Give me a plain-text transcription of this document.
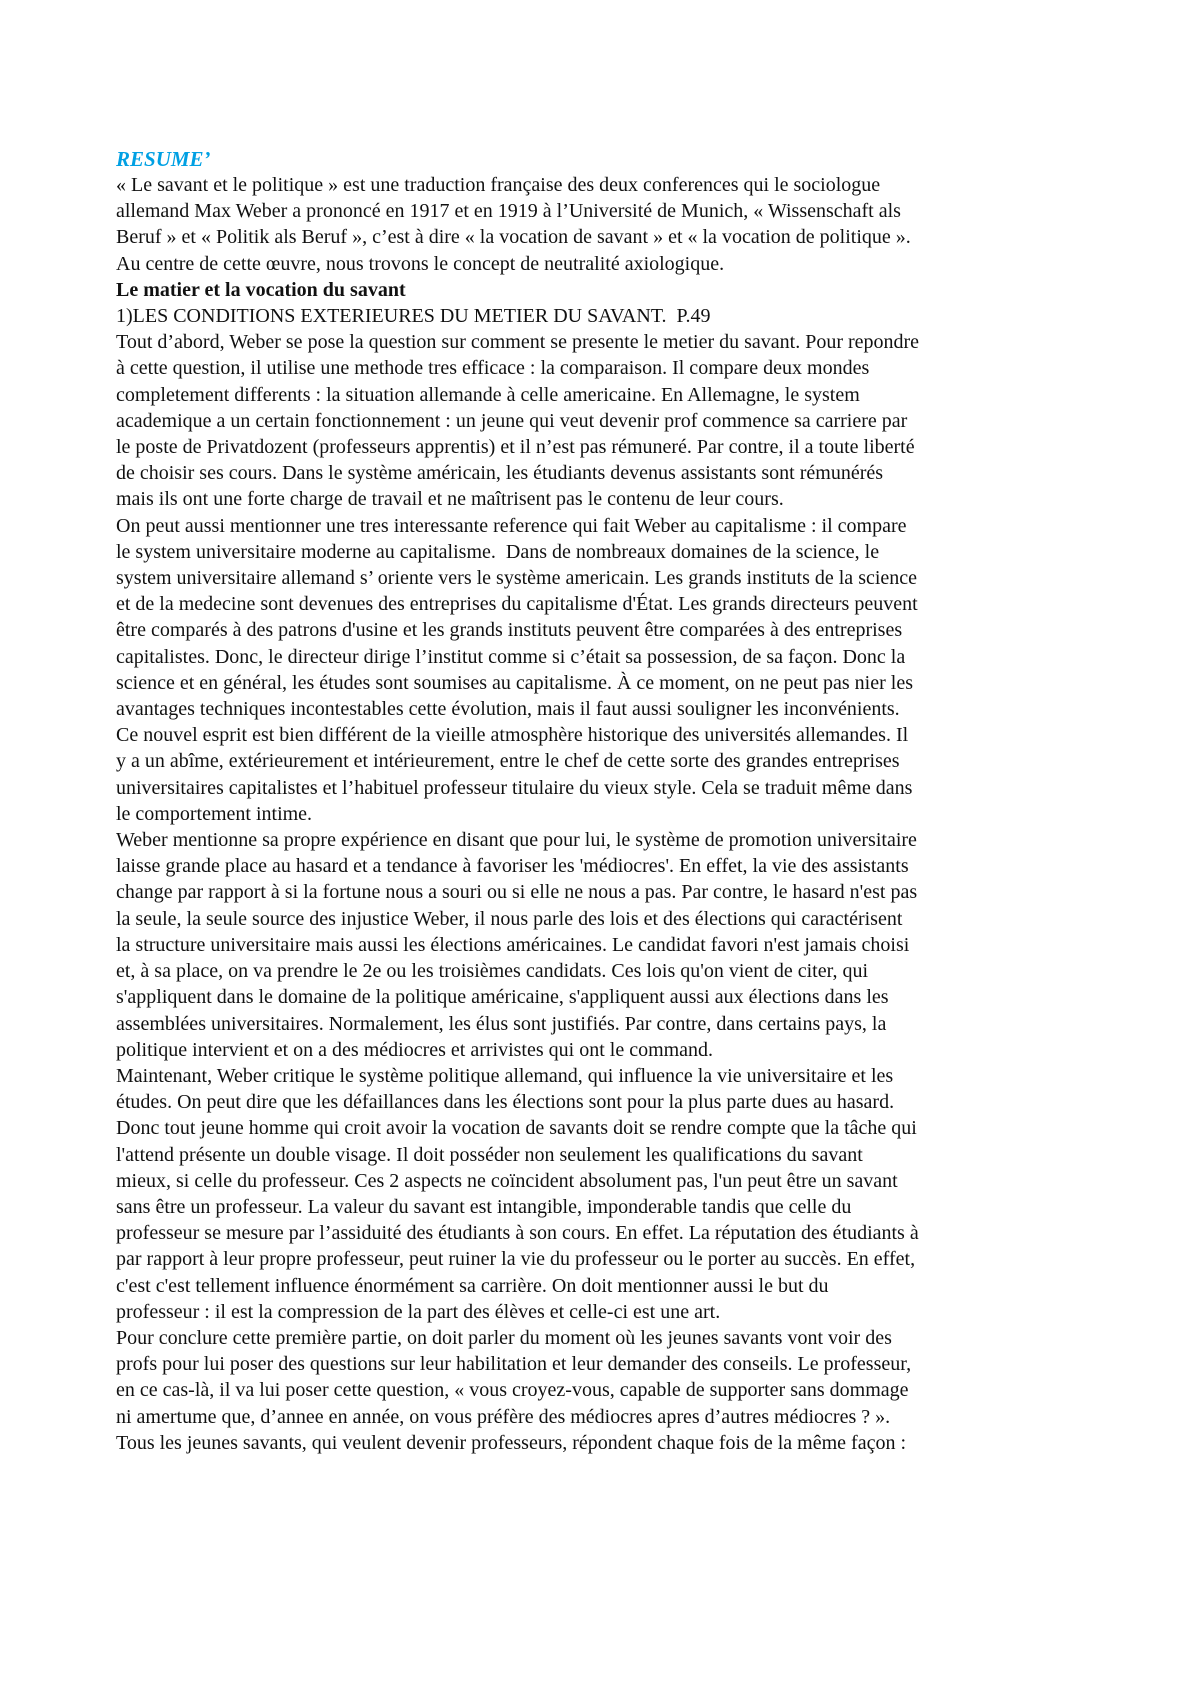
RESUME’
« Le savant et le politique » est une traduction française des deux conferences qui le sociologue
allemand Max Weber a prononcé en 1917 et en 1919 à l’Université de Munich, « Wissenschaft als
Beruf » et « Politik als Beruf », c’est à dire « la vocation de savant » et « la vocation de politique ».
Au centre de cette œuvre, nous trovons le concept de neutralité axiologique.
Le matier et la vocation du savant
1)LES CONDITIONS EXTERIEURES DU METIER DU SAVANT.  P.49
Tout d’abord, Weber se pose la question sur comment se presente le metier du savant. Pour repondre
à cette question, il utilise une methode tres efficace : la comparaison. Il compare deux mondes
completement differents : la situation allemande à celle americaine. En Allemagne, le system
academique a un certain fonctionnement : un jeune qui veut devenir prof commence sa carriere par
le poste de Privatdozent (professeurs apprentis) et il n’est pas rémuneré. Par contre, il a toute liberté
de choisir ses cours. Dans le système américain, les étudiants devenus assistants sont rémunérés
mais ils ont une forte charge de travail et ne maîtrisent pas le contenu de leur cours.
On peut aussi mentionner une tres interessante reference qui fait Weber au capitalisme : il compare
le system universitaire moderne au capitalisme.  Dans de nombreaux domaines de la science, le
system universitaire allemand s’ oriente vers le système americain. Les grands instituts de la science
et de la medecine sont devenues des entreprises du capitalisme d'État. Les grands directeurs peuvent
être comparés à des patrons d'usine et les grands instituts peuvent être comparées à des entreprises
capitalistes. Donc, le directeur dirige l’institut comme si c’était sa possession, de sa façon. Donc la
science et en général, les études sont soumises au capitalisme. À ce moment, on ne peut pas nier les
avantages techniques incontestables cette évolution, mais il faut aussi souligner les inconvénients.
Ce nouvel esprit est bien différent de la vieille atmosphère historique des universités allemandes. Il
y a un abîme, extérieurement et intérieurement, entre le chef de cette sorte des grandes entreprises
universitaires capitalistes et l’habituel professeur titulaire du vieux style. Cela se traduit même dans
le comportement intime.
Weber mentionne sa propre expérience en disant que pour lui, le système de promotion universitaire
laisse grande place au hasard et a tendance à favoriser les 'médiocres'. En effet, la vie des assistants
change par rapport à si la fortune nous a souri ou si elle ne nous a pas. Par contre, le hasard n'est pas
la seule, la seule source des injustice Weber, il nous parle des lois et des élections qui caractérisent
la structure universitaire mais aussi les élections américaines. Le candidat favori n'est jamais choisi
et, à sa place, on va prendre le 2e ou les troisièmes candidats. Ces lois qu'on vient de citer, qui
s'appliquent dans le domaine de la politique américaine, s'appliquent aussi aux élections dans les
assemblées universitaires. Normalement, les élus sont justifiés. Par contre, dans certains pays, la
politique intervient et on a des médiocres et arrivistes qui ont le command.
Maintenant, Weber critique le système politique allemand, qui influence la vie universitaire et les
études. On peut dire que les défaillances dans les élections sont pour la plus parte dues au hasard.
Donc tout jeune homme qui croit avoir la vocation de savants doit se rendre compte que la tâche qui
l'attend présente un double visage. Il doit posséder non seulement les qualifications du savant
mieux, si celle du professeur. Ces 2 aspects ne coïncident absolument pas, l'un peut être un savant
sans être un professeur. La valeur du savant est intangible, imponderable tandis que celle du
professeur se mesure par l’assiduité des étudiants à son cours. En effet. La réputation des étudiants à
par rapport à leur propre professeur, peut ruiner la vie du professeur ou le porter au succès. En effet,
c'est c'est tellement influence énormément sa carrière. On doit mentionner aussi le but du
professeur : il est la compression de la part des élèves et celle-ci est une art.
Pour conclure cette première partie, on doit parler du moment où les jeunes savants vont voir des
profs pour lui poser des questions sur leur habilitation et leur demander des conseils. Le professeur,
en ce cas-là, il va lui poser cette question, « vous croyez-vous, capable de supporter sans dommage
ni amertume que, d’annee en année, on vous préfère des médiocres apres d’autres médiocres ? ».
Tous les jeunes savants, qui veulent devenir professeurs, répondent chaque fois de la même façon :
